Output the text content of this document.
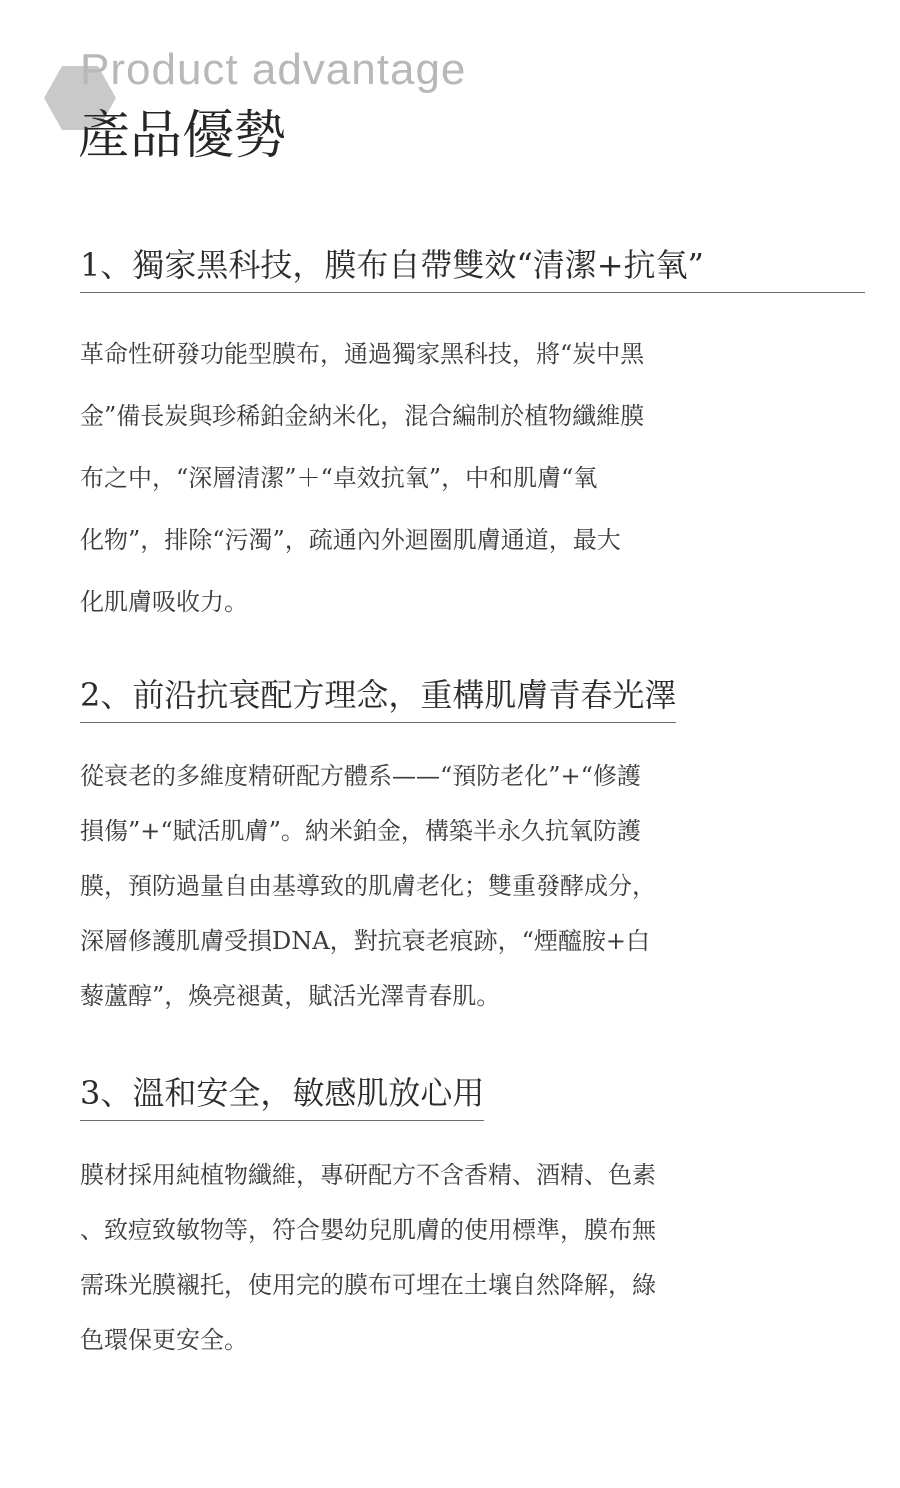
Product advantage
產品優勢
1、獨家黑科技，膜布自帶雙效“清潔+抗氧”
革命性研發功能型膜布，通過獨家黑科技，將“炭中黑
金”備長炭與珍稀鉑金納米化，混合編制於植物纖維膜
布之中，“深層清潔”＋“卓效抗氧”，中和肌膚“氧
化物”，排除“污濁”，疏通內外迴圈肌膚通道，最大
化肌膚吸收力。
2、前沿抗衰配方理念，重構肌膚青春光澤
從衰老的多維度精研配方體系——“預防老化”+“修護
損傷”+“賦活肌膚”。納米鉑金，構築半永久抗氧防護
膜，預防過量自由基導致的肌膚老化；雙重發酵成分，
深層修護肌膚受損DNA，對抗衰老痕跡，“煙醯胺+白
藜蘆醇”，煥亮褪黃，賦活光澤青春肌。
3、溫和安全，敏感肌放心用
膜材採用純植物纖維，專研配方不含香精、酒精、色素
、致痘致敏物等，符合嬰幼兒肌膚的使用標準，膜布無
需珠光膜襯托，使用完的膜布可埋在土壤自然降解，綠
色環保更安全。
